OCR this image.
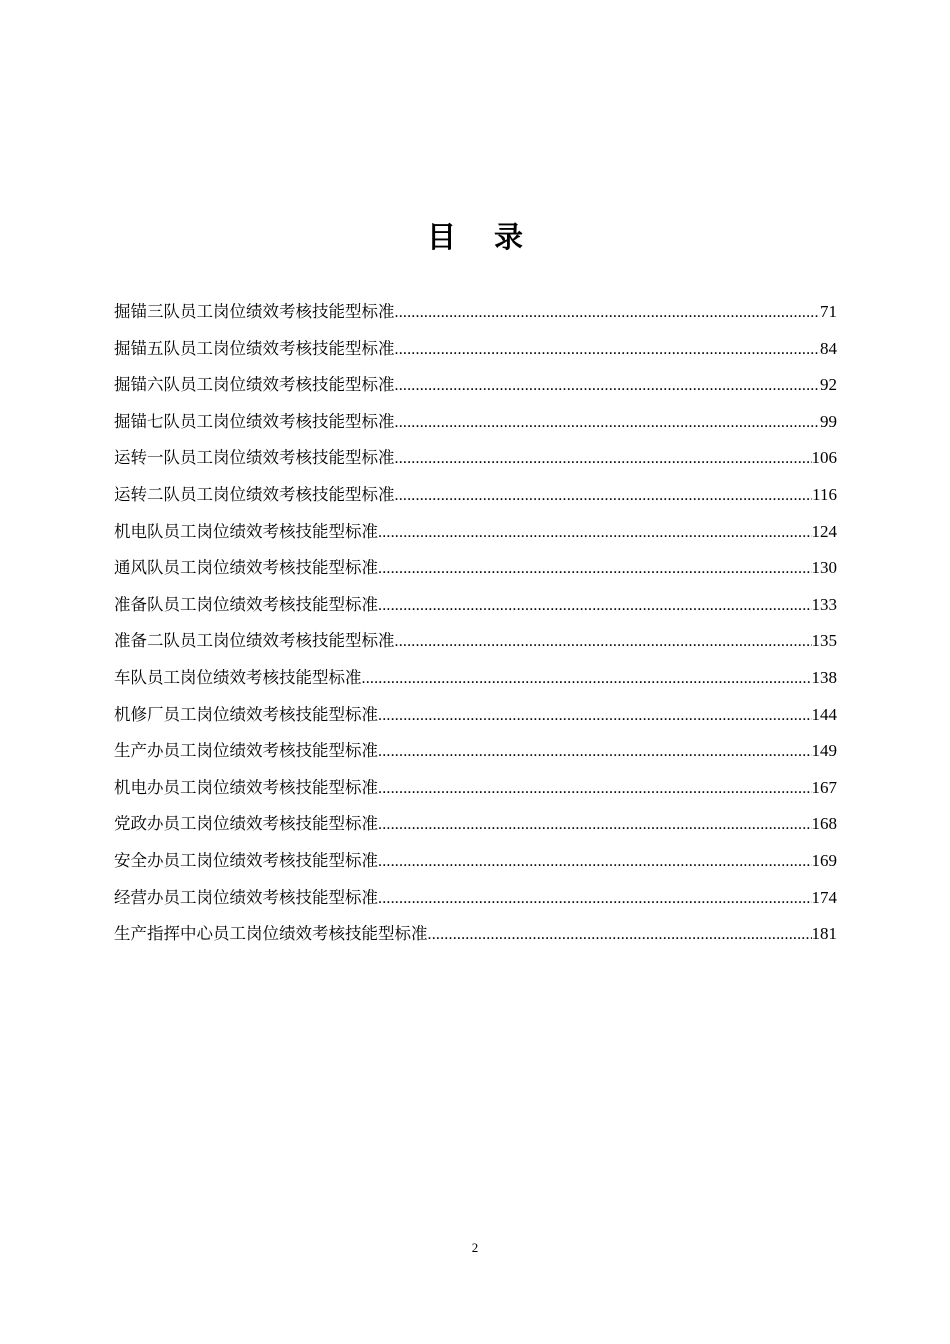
目 录
掘锚三队员工岗位绩效考核技能型标准 .....	71
掘锚五队员工岗位绩效考核技能型标准 .....	84
掘锚六队员工岗位绩效考核技能型标准 .....	92
掘锚七队员工岗位绩效考核技能型标准 .....	99
运转一队员工岗位绩效考核技能型标准 .....	106
运转二队员工岗位绩效考核技能型标准 .....	116
机电队员工岗位绩效考核技能型标准 .....	124
通风队员工岗位绩效考核技能型标准 .....	130
准备队员工岗位绩效考核技能型标准 .....	133
准备二队员工岗位绩效考核技能型标准 .....	135
车队员工岗位绩效考核技能型标准 .....	138
机修厂员工岗位绩效考核技能型标准 .....	144
生产办员工岗位绩效考核技能型标准 .....	149
机电办员工岗位绩效考核技能型标准 .....	167
党政办员工岗位绩效考核技能型标准 .....	168
安全办员工岗位绩效考核技能型标准 .....	169
经营办员工岗位绩效考核技能型标准 .....	174
生产指挥中心员工岗位绩效考核技能型标准 .....	181
2
